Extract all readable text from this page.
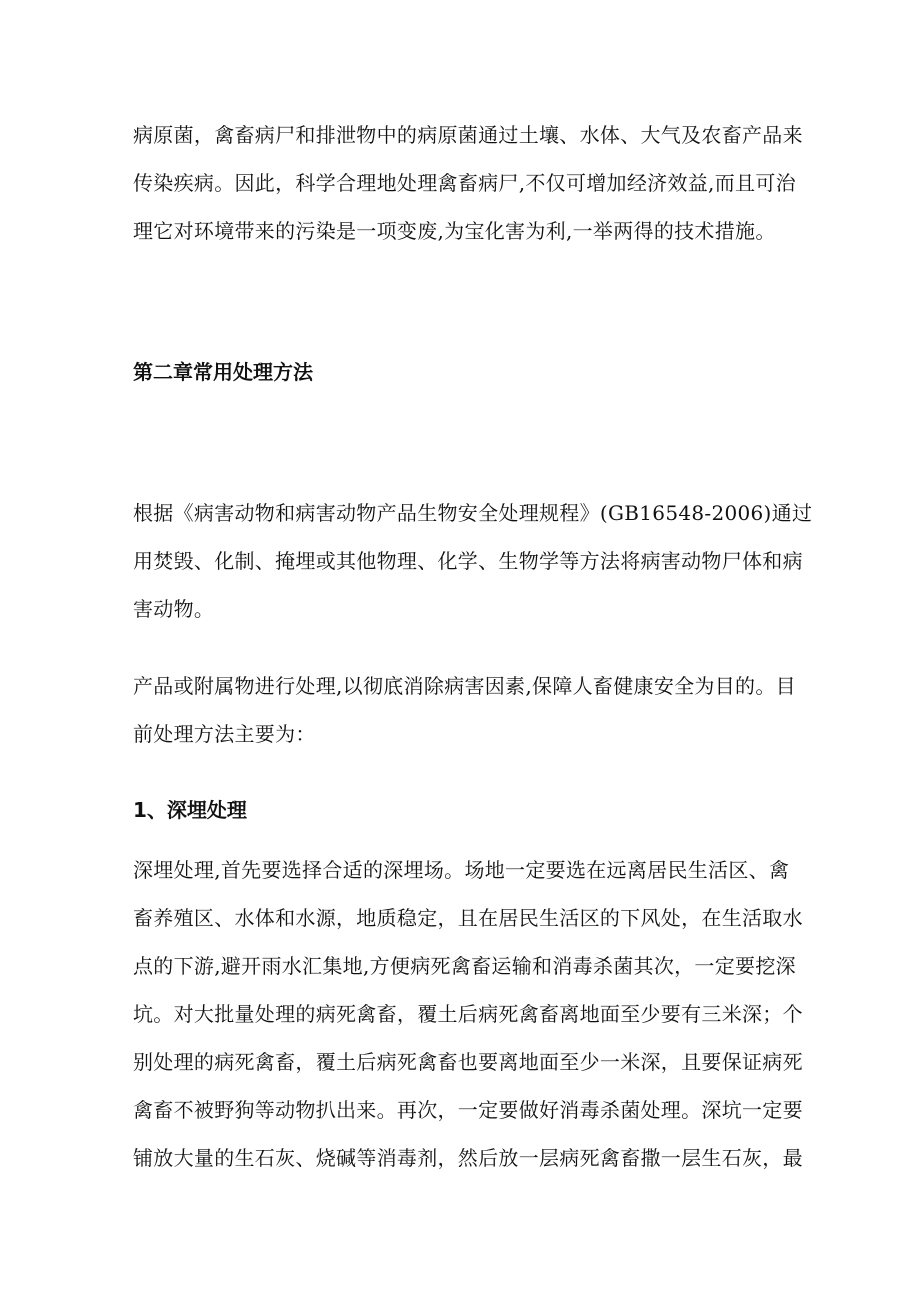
病原菌，禽畜病尸和排泄物中的病原菌通过土壤、水体、大气及农畜产品来
传染疾病。因此，科学合理地处理禽畜病尸,不仅可增加经济效益,而且可治
理它对环境带来的污染是一项变废,为宝化害为利,一举两得的技术措施。
第二章常用处理方法
根据《病害动物和病害动物产品生物安全处理规程》(GB16548-2006)通过
用焚毁、化制、掩埋或其他物理、化学、生物学等方法将病害动物尸体和病
害动物。
产品或附属物进行处理,以彻底消除病害因素,保障人畜健康安全为目的。目
前处理方法主要为：
1、深埋处理
深埋处理,首先要选择合适的深埋场。场地一定要选在远离居民生活区、禽
畜养殖区、水体和水源，地质稳定，且在居民生活区的下风处，在生活取水
点的下游,避开雨水汇集地,方便病死禽畜运输和消毒杀菌其次，一定要挖深
坑。对大批量处理的病死禽畜，覆土后病死禽畜离地面至少要有三米深；个
别处理的病死禽畜，覆土后病死禽畜也要离地面至少一米深，且要保证病死
禽畜不被野狗等动物扒出来。再次，一定要做好消毒杀菌处理。深坑一定要
铺放大量的生石灰、烧碱等消毒剂，然后放一层病死禽畜撒一层生石灰，最
